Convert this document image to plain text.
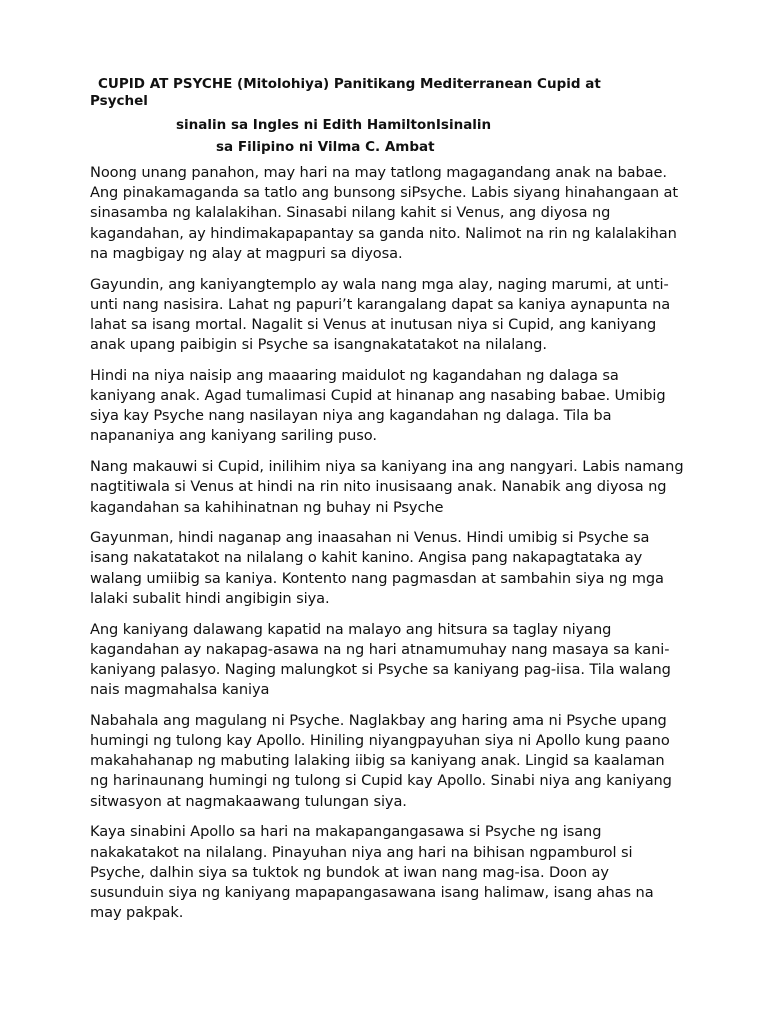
CUPID AT PSYCHE (Mitolohiya) Panitikang Mediterranean Cupid at Psychel

sinalin sa Ingles ni Edith HamiltonIsinalin

sa Filipino ni Vilma C. Ambat

Noong unang panahon, may hari na may tatlong magagandang anak na babae. Ang pinakamaganda sa tatlo ang bunsong siPsyche. Labis siyang hinahangaan at sinasamba ng kalalakihan. Sinasabi nilang kahit si Venus, ang diyosa ng kagandahan, ay hindimakapapantay sa ganda nito. Nalimot na rin ng kalalakihan na magbigay ng alay at magpuri sa diyosa.

Gayundin, ang kaniyangtemplo ay wala nang mga alay, naging marumi, at unti-unti nang nasisira. Lahat ng papuri’t karangalang dapat sa kaniya aynapunta na lahat sa isang mortal. Nagalit si Venus at inutusan niya si Cupid, ang kaniyang anak upang paibigin si Psyche sa isangnakatatakot na nilalang.

Hindi na niya naisip ang maaaring maidulot ng kagandahan ng dalaga sa kaniyang anak. Agad tumalimasi Cupid at hinanap ang nasabing babae. Umibig siya kay Psyche nang nasilayan niya ang kagandahan ng dalaga. Tila ba napananiya ang kaniyang sariling puso.

Nang makauwi si Cupid, inilihim niya sa kaniyang ina ang nangyari. Labis namang nagtitiwala si Venus at hindi na rin nito inusisaang anak. Nanabik ang diyosa ng kagandahan sa kahihinatnan ng buhay ni Psyche

Gayunman, hindi naganap ang inaasahan ni Venus. Hindi umibig si Psyche sa isang nakatatakot na nilalang o kahit kanino. Angisa pang nakapagtataka ay walang umiibig sa kaniya. Kontento nang pagmasdan at sambahin siya ng mga lalaki subalit hindi angibigin siya.

Ang kaniyang dalawang kapatid na malayo ang hitsura sa taglay niyang kagandahan ay nakapag-asawa na ng hari atnamumuhay nang masaya sa kani-kaniyang palasyo. Naging malungkot si Psyche sa kaniyang pag-iisa. Tila walang nais magmahalsa kaniya

Nabahala ang magulang ni Psyche. Naglakbay ang haring ama ni Psyche upang humingi ng tulong kay Apollo. Hiniling niyangpayuhan siya ni Apollo kung paano makahahanap ng mabuting lalaking iibig sa kaniyang anak. Lingid sa kaalaman ng harinaunang humingi ng tulong si Cupid kay Apollo. Sinabi niya ang kaniyang sitwasyon at nagmakaawang tulungan siya.

Kaya sinabini Apollo sa hari na makapangangasawa si Psyche ng isang nakakatakot na nilalang. Pinayuhan niya ang hari na bihisan ngpamburol si Psyche, dalhin siya sa tuktok ng bundok at iwan nang mag-isa. Doon ay susunduin siya ng kaniyang mapapangasawana isang halimaw, isang ahas na may pakpak.
